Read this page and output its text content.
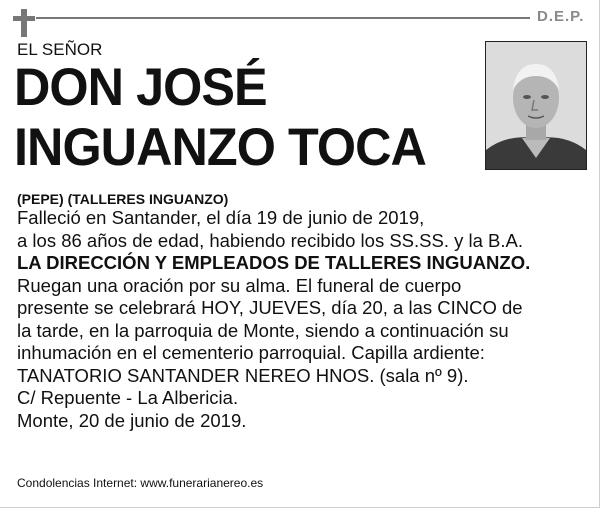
D.E.P.
EL SEÑOR
DON JOSÉ
INGUANZO TOCA
(PEPE) (TALLERES INGUANZO)

Falleció en Santander, el día 19 de junio de 2019,

a los 86 años de edad, habiendo recibido los SS.SS. y la B.A.

LA DIRECCIÓN Y EMPLEADOS DE TALLERES INGUANZO.

Ruegan una oración por su alma. El funeral de cuerpo

presente se celebrará HOY, JUEVES, día 20, a las CINCO de

la tarde, en la parroquia de Monte, siendo a continuación su

inhumación en el cementerio parroquial. Capilla ardiente:

TANATORIO SANTANDER NEREO HNOS. (sala nº 9).

C/ Repuente - La Albericia.

Monte, 20 de junio de 2019.

Condolencias Internet: www.funerarianereo.es
